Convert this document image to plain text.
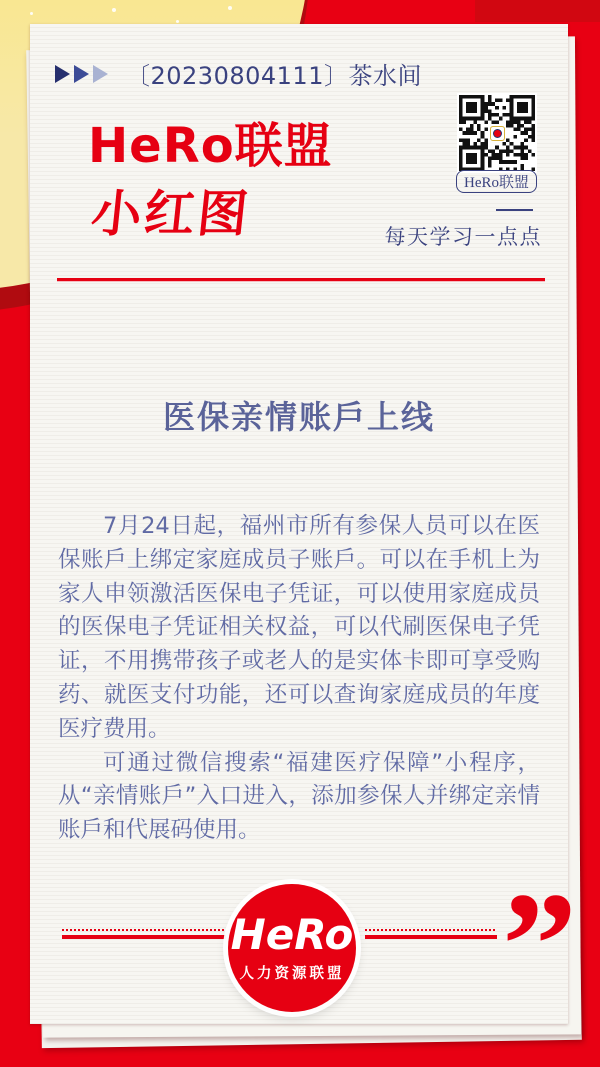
〔20230804111〕茶水间
HeRo联盟
小红图
HeRo联盟
每天学习一点点
医保亲情账戶上线

7月24日起，福州市所有参保人员可以在医保账戶上绑定家庭成员子账戶。可以在手机上为家人申领激活医保电子凭证，可以使用家庭成员的医保电子凭证相关权益，可以代刷医保电子凭证，不用携带孩子或老人的是实体卡即可享受购药、就医支付功能，还可以查询家庭成员的年度医疗费用。

可通过微信搜索“福建医疗保障”小程序，从“亲情账戶”入口进入，添加参保人并绑定亲情账戶和代展码使用。

HeRo
人力资源联盟 ”
